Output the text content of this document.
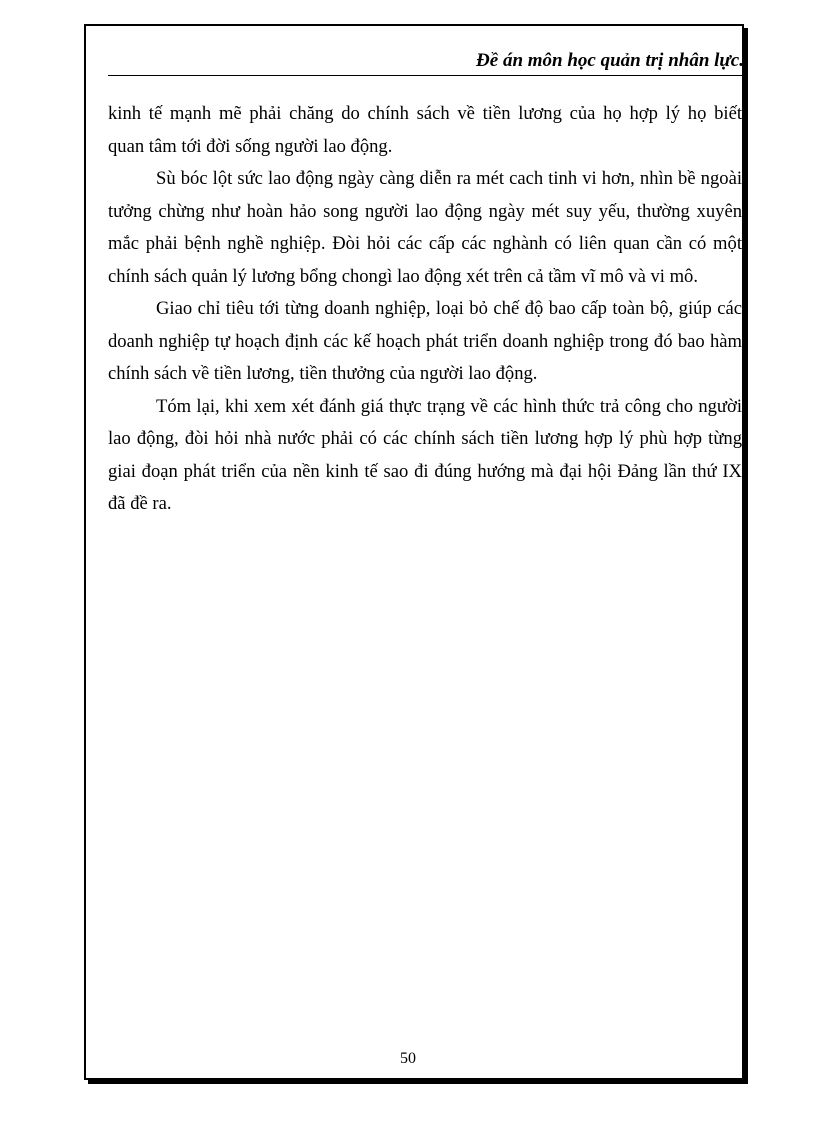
Đề án môn học quản trị nhân lực.

kinh tế mạnh mẽ phải chăng do chính sách về tiền lương của họ hợp lý họ biết
quan tâm tới đời sống người lao động.

Sù bóc lột sức lao động ngày càng diễn ra mét cach tinh vi hơn, nhìn bề ngoài
tưởng chừng như hoàn hảo song người lao động ngày mét suy yếu, thường xuyên
mắc phải bệnh nghề nghiệp. Đòi hỏi các cấp các nghành có liên quan cần có một
chính sách quản lý lương bổng chongì lao động xét trên cả tầm vĩ mô và vi mô.

Giao chỉ tiêu tới từng doanh nghiệp, loại bỏ chế độ bao cấp toàn bộ, giúp các
doanh nghiệp tự hoạch định các kế hoạch phát triển doanh nghiệp trong đó bao hàm
chính sách về tiền lương, tiền thưởng của người lao động.

Tóm lại, khi xem xét đánh giá thực trạng về các hình thức trả công cho người
lao động, đòi hỏi nhà nước phải có các chính sách tiền lương hợp lý phù hợp từng
giai đoạn phát triển của nền kinh tế sao đi đúng hướng mà đại hội Đảng lần thứ IX
đã đề ra.

50
